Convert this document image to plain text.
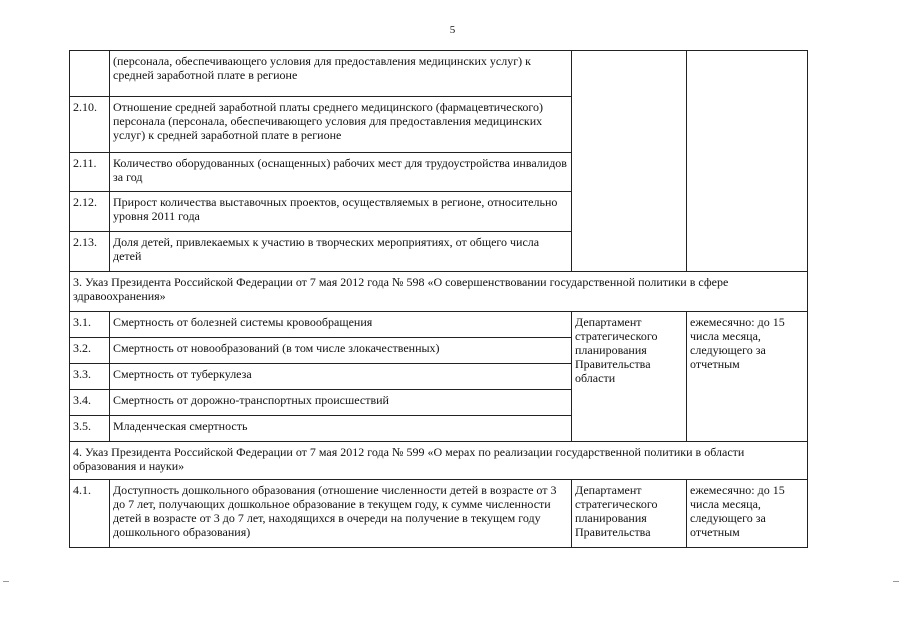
5
	(персонала, обеспечивающего условия для предоставления медицинских услуг) к средней заработной плате в регионе		
2.10.	Отношение средней заработной платы среднего медицинского (фармацевтического) персонала (персонала, обеспечивающего условия для предоставления медицинских услуг) к средней заработной плате в регионе		
2.11.	Количество оборудованных (оснащенных) рабочих мест для трудоустройства инвалидов за год		
2.12.	Прирост количества выставочных проектов, осуществляемых в регионе, относительно уровня 2011 года		
2.13.	Доля детей, привлекаемых к участию в творческих мероприятиях, от общего числа детей		
3. Указ Президента Российской Федерации от 7 мая 2012 года № 598 «О совершенствовании государственной политики в сфере здравоохранения»			
3.1.	Смертность от болезней системы кровообращения	Департамент стратегического планирования Правительства области	ежемесячно: до 15 числа месяца, следующего за отчетным
3.2.	Смертность от новообразований (в том числе злокачественных)		
3.3.	Смертность от туберкулеза		
3.4.	Смертность от дорожно-транспортных происшествий		
3.5.	Младенческая смертность		
4. Указ Президента Российской Федерации от 7 мая 2012 года № 599 «О мерах по реализации государственной политики в области образования и науки»			
4.1.	Доступность дошкольного образования (отношение численности детей в возрасте от 3 до 7 лет, получающих дошкольное образование в текущем году, к сумме численности детей в возрасте от 3 до 7 лет, находящихся в очереди на получение в текущем году дошкольного образования)	Департамент стратегического планирования Правительства	ежемесячно: до 15 числа месяца, следующего за отчетным
